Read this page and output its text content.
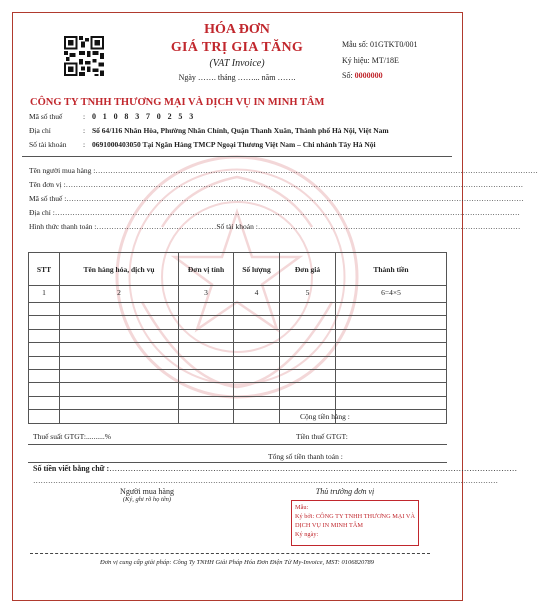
HÓA ĐƠN
GIÁ TRỊ GIA TĂNG
(VAT Invoice)
Ngày ……. tháng ……... năm …….
Mẫu số: 01GTKT0/001
Ký hiệu: MT/18E
Số: 0000000
CÔNG TY TNHH THƯƠNG MẠI VÀ DỊCH VỤ IN MINH TÂM
Mã số thuế	: 0 1 0 8 3 7 0 2 5 3
Địa chỉ	: Số 64/116 Nhân Hòa, Phường Nhân Chính, Quận Thanh Xuân, Thành phố Hà Nội, Việt Nam
Số tài khoản : 0691000403050 Tại Ngân Hàng TMCP Ngoại Thương Việt Nam – Chi nhánh Tây Hà Nội
Tên người mua hàng :……………………………………………………………………………………………………………………………………………………………
Tên đơn vị :…………………………………………………………………………………………………………………………………………………………………
Mã số thuế :…………………………………………………………………………………………………………………………………………………………………
Địa chỉ :……………………………………………………………………………………………………………………………………………………………………
Hình thức thanh toán :…………………………………………Số tài khoản :……………………………………………………………………………………………
STT	Tên hàng hóa, dịch vụ	Đơn vị tính	Số lượng	Đơn giá	Thành tiền
1	2	3	4	5	6=4×5

Cộng tiền hàng :
Thuế suất GTGT:..........%	Tiền thuế GTGT:
Tổng số tiền thanh toán :
Số tiền viết bằng chữ :………………………………………………………………………………………………………………………………………
……………………………………………………………………………………………………………………………………………………………………
Người mua hàng
(Ký, ghi rõ họ tên)
Thủ trưởng đơn vị
Mẫu:
Ký bởi: CÔNG TY TNHH THƯƠNG MẠI VÀ DỊCH VỤ IN MINH TÂM
Ký ngày:
Đơn vị cung cấp giải pháp: Công Ty TNHH Giải Pháp Hóa Đơn Điện Tử My-Invoice, MST: 0106820789
